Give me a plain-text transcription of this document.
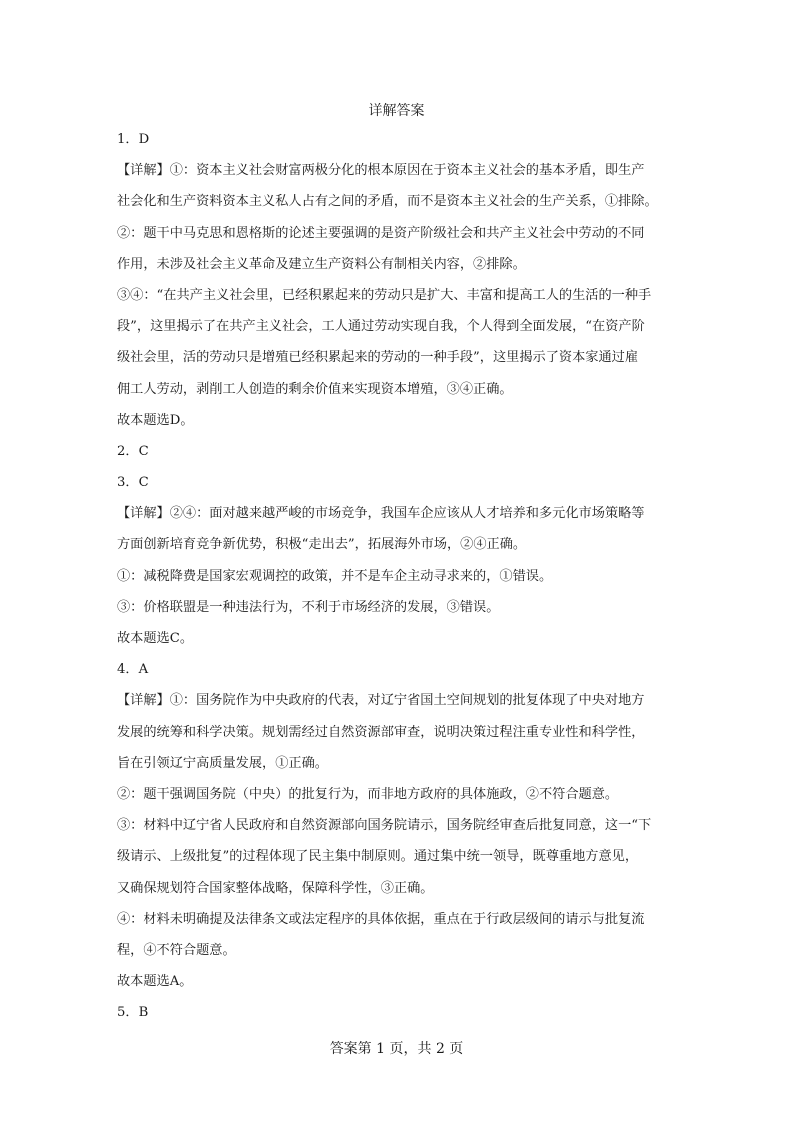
详解答案

1．D

【详解】①：资本主义社会财富两极分化的根本原因在于资本主义社会的基本矛盾，即生产

社会化和生产资料资本主义私人占有之间的矛盾，而不是资本主义社会的生产关系，①排除。

②：题干中马克思和恩格斯的论述主要强调的是资产阶级社会和共产主义社会中劳动的不同

作用，未涉及社会主义革命及建立生产资料公有制相关内容，②排除。

③④：“在共产主义社会里，已经积累起来的劳动只是扩大、丰富和提高工人的生活的一种手

段”，这里揭示了在共产主义社会，工人通过劳动实现自我，个人得到全面发展，“在资产阶

级社会里，活的劳动只是增殖已经积累起来的劳动的一种手段”，这里揭示了资本家通过雇

佣工人劳动，剥削工人创造的剩余价值来实现资本增殖，③④正确。

故本题选D。

2．C

3．C

【详解】②④：面对越来越严峻的市场竞争，我国车企应该从人才培养和多元化市场策略等

方面创新培育竞争新优势，积极“走出去”，拓展海外市场，②④正确。

①：减税降费是国家宏观调控的政策，并不是车企主动寻求来的，①错误。

③：价格联盟是一种违法行为，不利于市场经济的发展，③错误。

故本题选C。

4．A

【详解】①：国务院作为中央政府的代表，对辽宁省国土空间规划的批复体现了中央对地方

发展的统筹和科学决策。规划需经过自然资源部审查，说明决策过程注重专业性和科学性，

旨在引领辽宁高质量发展，①正确。

②：题干强调国务院（中央）的批复行为，而非地方政府的具体施政，②不符合题意。

③：材料中辽宁省人民政府和自然资源部向国务院请示，国务院经审查后批复同意，这一“下

级请示、上级批复”的过程体现了民主集中制原则。通过集中统一领导，既尊重地方意见，

又确保规划符合国家整体战略，保障科学性，③正确。

④：材料未明确提及法律条文或法定程序的具体依据，重点在于行政层级间的请示与批复流

程，④不符合题意。

故本题选A。

5．B

答案第 1 页，共 2 页
